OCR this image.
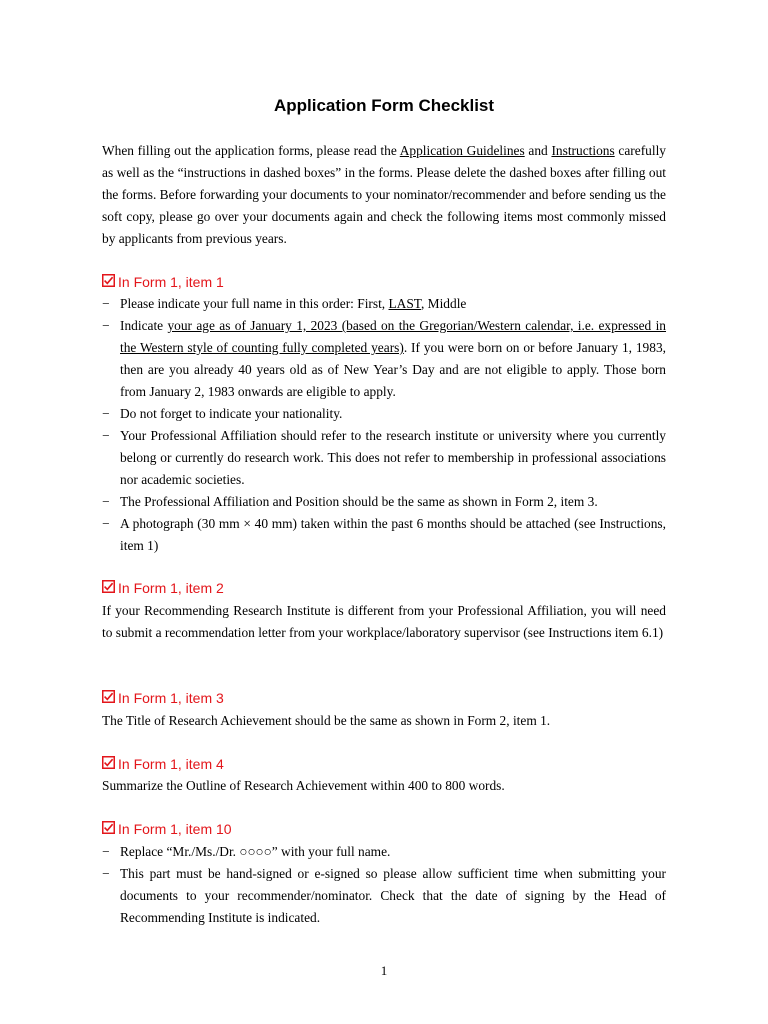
Application Form Checklist
When filling out the application forms, please read the Application Guidelines and Instructions carefully as well as the “instructions in dashed boxes” in the forms. Please delete the dashed boxes after filling out the forms. Before forwarding your documents to your nominator/recommender and before sending us the soft copy, please go over your documents again and check the following items most commonly missed by applicants from previous years.
In Form 1, item 1
− Please indicate your full name in this order: First, LAST, Middle
− Indicate your age as of January 1, 2023 (based on the Gregorian/Western calendar, i.e. expressed in the Western style of counting fully completed years). If you were born on or before January 1, 1983, then are you already 40 years old as of New Year’s Day and are not eligible to apply. Those born from January 2, 1983 onwards are eligible to apply.
− Do not forget to indicate your nationality.
− Your Professional Affiliation should refer to the research institute or university where you currently belong or currently do research work. This does not refer to membership in professional associations nor academic societies.
− The Professional Affiliation and Position should be the same as shown in Form 2, item 3.
− A photograph (30 mm × 40 mm) taken within the past 6 months should be attached (see Instructions, item 1)
In Form 1, item 2
If your Recommending Research Institute is different from your Professional Affiliation, you will need to submit a recommendation letter from your workplace/laboratory supervisor (see Instructions item 6.1)
In Form 1, item 3
The Title of Research Achievement should be the same as shown in Form 2, item 1.
In Form 1, item 4
Summarize the Outline of Research Achievement within 400 to 800 words.
In Form 1, item 10
− Replace “Mr./Ms./Dr. ○○○○” with your full name.
− This part must be hand-signed or e-signed so please allow sufficient time when submitting your documents to your recommender/nominator. Check that the date of signing by the Head of Recommending Institute is indicated.
1
